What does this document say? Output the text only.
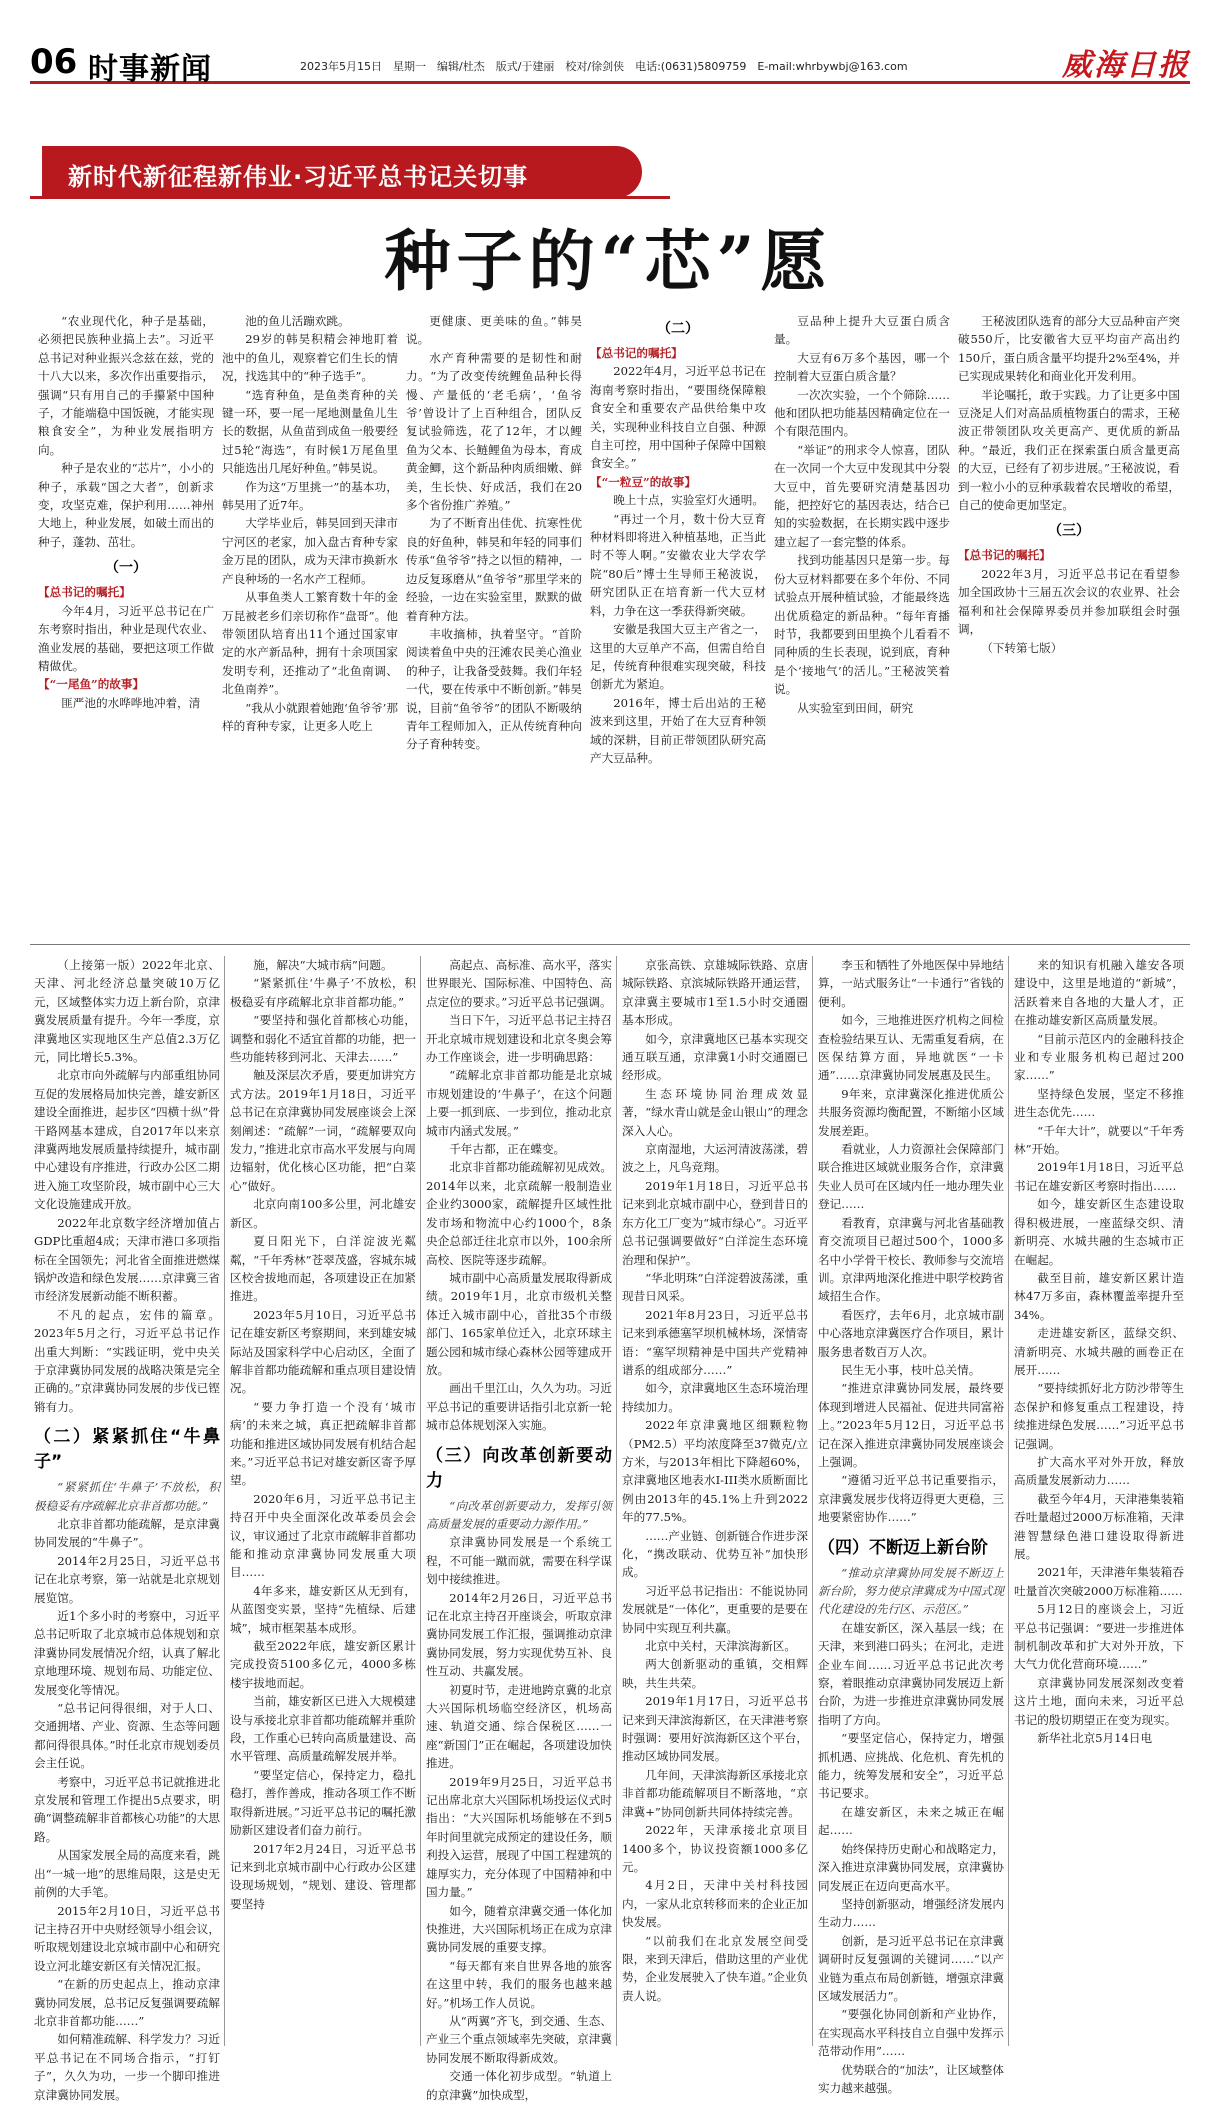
06 时事新闻	2023年5月15日　星期一　编辑/杜杰　版式/于建丽　校对/徐剑侠　电话:(0631)5809759　E-mail:whrbywbj@163.com	威海日报
新时代新征程新伟业·习近平总书记关切事
种子的“芯”愿

“农业现代化，种子是基础，必须把民族种业搞上去”。习近平总书记对种业振兴念兹在兹，党的十八大以来，多次作出重要指示，强调“只有用自己的手攥紧中国种子，才能端稳中国饭碗，才能实现粮食安全”，为种业发展指明方向。

种子是农业的“芯片”，小小的种子，承载“国之大者”，创新求变，攻坚克难，保护利用……神州大地上，种业发展，如破土而出的种子，蓬勃、茁壮。

（一）

【总书记的嘱托】

今年4月，习近平总书记在广东考察时指出，种业是现代农业、渔业发展的基础，要把这项工作做精做优。

【“一尾鱼”的故事】

匪严池的水哗哗地冲着，清

池的鱼儿活蹦欢跳。

29岁的韩昊积精会神地盯着池中的鱼儿，观察着它们生长的情况，找选其中的“种子选手”。

“选育种鱼，是鱼类育种的关键一环，要一尾一尾地测量鱼儿生长的数据，从鱼苗到成鱼一般要经过5轮“海选”，有时候1万尾鱼里只能选出几尾好种鱼。”韩昊说。

作为这“万里挑一”的基本功，韩昊用了近7年。

大学毕业后，韩昊回到天津市宁河区的老家，加入盘古育种专家金万昆的团队，成为天津市换新水产良种场的一名水产工程师。

从事鱼类人工繁育数十年的金万昆被老乡们亲切称作“盘哥”。他带领团队培育出11个通过国家审定的水产新品种，拥有十余项国家发明专利，还推动了“北鱼南调、北鱼南养”。

“我从小就跟着她跑‘鱼爷爷’那样的育种专家，让更多人吃上

更健康、更美味的鱼。”韩昊说。

水产育种需要的是韧性和耐力。“为了改变传统鲤鱼品种长得慢、产量低的‘老毛病’，‘鱼爷爷’曾设计了上百种组合，团队反复试验筛选，花了12年，才以鲤鱼为父本、长鲢鲤鱼为母本，育成黄金鲫，这个新品种肉质细嫩、鲜美，生长快、好成活，我们在20多个省份推广养殖。”

为了不断育出佳优、抗寒性优良的好鱼种，韩昊和年轻的同事们传承“鱼爷爷”持之以恒的精神，一边反复琢磨从“鱼爷爷”那里学来的经验，一边在实验室里，默默的做着育种方法。

丰收摘柿，执着坚守。“首阶阅读着鱼中央的汪滩农民美心渔业的种子，让我备受鼓舞。我们年轻一代，要在传承中不断创新。”韩昊说，目前“鱼爷爷”的团队不断吸纳青年工程师加入，正从传统育种向分子育种转变。

（二）

【总书记的嘱托】

2022年4月，习近平总书记在海南考察时指出，“要围绕保障粮食安全和重要农产品供给集中攻关，实现种业科技自立自强、种源自主可控，用中国种子保障中国粮食安全。”

【“一粒豆”的故事】

晚上十点，实验室灯火通明。

“再过一个月，数十份大豆育种材料即将进入种植基地，正当此时不等人啊。”安徽农业大学农学院“80后”博士生导师王秘波说，研究团队正在培育新一代大豆材料，力争在这一季获得新突破。

安徽是我国大豆主产省之一，这里的大豆单产不高，但需自给自足，传统育种很难实现突破，科技创新尤为紧迫。

2016年，博士后出站的王秘波来到这里，开始了在大豆育种领域的深耕，目前正带领团队研究高产大豆品种。

豆品种上提升大豆蛋白质含量。

大豆有6万多个基因，哪一个控制着大豆蛋白质含量？

一次次实验，一个个筛除……他和团队把功能基因精确定位在一个有限范围内。

“举证”的刑求令人惊喜，团队在一次同一个大豆中发现其中分裂大豆中，首先要研究清楚基因功能，把控好它的基因表达，结合已知的实验数据，在长期实践中逐步建立起了一套完整的体系。

找到功能基因只是第一步。每份大豆材料都要在多个年份、不同试验点开展种植试验，才能最终选出优质稳定的新品种。“每年育播时节，我都要到田里换个儿看看不同种质的生长表现，说到底，育种是个‘接地气’的活儿。”王秘波笑着说。

从实验室到田间，研究

王秘波团队选育的部分大豆品种亩产突破550斤，比安徽省大豆平均亩产高出约150斤，蛋白质含量平均提升2%至4%，并已实现成果转化和商业化开发利用。

半论嘱托，敢于实践。力了让更多中国豆浇足人们对高品质植物蛋白的需求，王秘波正带领团队攻关更高产、更优质的新品种。“最近，我们正在探索蛋白质含量更高的大豆，已经有了初步进展。”王秘波说，看到一粒小小的豆种承载着农民增收的希望，自己的使命更加坚定。

（三）

【总书记的嘱托】

2022年3月，习近平总书记在看望参加全国政协十三届五次会议的农业界、社会福利和社会保障界委员并参加联组会时强调，

（下转第七版）

（上接第一版）2022年北京、天津、河北经济总量突破10万亿元，区域整体实力迈上新台阶，京津冀发展质量有提升。今年一季度，京津冀地区实现地区生产总值2.3万亿元，同比增长5.3%。

北京市向外疏解与内部重组协同互促的发展格局加快完善，雄安新区建设全面推进，起步区“四横十纵”骨干路网基本建成，自2017年以来京津冀两地发展质量持续提升，城市副中心建设有序推进，行政办公区二期进入施工攻坚阶段，城市副中心三大文化设施建成开放。

2022年北京数字经济增加值占GDP比重超4成；天津市港口多项指标在全国领先；河北省全面推进燃煤锅炉改造和绿色发展……京津冀三省市经济发展新动能不断积蓄。

不凡的起点，宏伟的篇章。2023年5月之行，习近平总书记作出重大判断：“实践证明，党中央关于京津冀协同发展的战略决策是完全正确的。”京津冀协同发展的步伐已铿锵有力。

（二）紧紧抓住“牛鼻子”

“紧紧抓住‘牛鼻子’不放松，积极稳妥有序疏解北京非首都功能。”

北京非首都功能疏解，是京津冀协同发展的“牛鼻子”。

2014年2月25日，习近平总书记在北京考察，第一站就是北京规划展览馆。

近1个多小时的考察中，习近平总书记听取了北京城市总体规划和京津冀协同发展情况介绍，认真了解北京地理环境、规划布局、功能定位、发展变化等情况。

“总书记问得很细，对于人口、交通拥堵、产业、资源、生态等问题都问得很具体。”时任北京市规划委员会主任说。

考察中，习近平总书记就推进北京发展和管理工作提出5点要求，明确“调整疏解非首都核心功能”的大思路。

从国家发展全局的高度来看，跳出“一城一地”的思维局限，这是史无前例的大手笔。

2015年2月10日，习近平总书记主持召开中央财经领导小组会议，听取规划建设北京城市副中心和研究设立河北雄安新区有关情况汇报。

“在新的历史起点上，推动京津冀协同发展，总书记反复强调要疏解北京非首都功能……”

如何精准疏解、科学发力？习近平总书记在不同场合指示，“打钉子”，久久为功，一步一个脚印推进京津冀协同发展。

施，解决“大城市病”问题。

“紧紧抓住‘牛鼻子’不放松，积极稳妥有序疏解北京非首都功能。”

“要坚持和强化首都核心功能，调整和弱化不适宜首都的功能，把一些功能转移到河北、天津去……”

触及深层次矛盾，要更加讲究方式方法。2019年1月18日，习近平总书记在京津冀协同发展座谈会上深刻阐述：“疏解”一词，“疏解要双向发力，”推进北京市高水平发展与向周边辐射，优化核心区功能，把“白菜心”做好。

北京向南100多公里，河北雄安新区。

夏日阳光下，白洋淀波光粼粼，“千年秀林”苍翠茂盛，容城东城区校舍拔地而起，各项建设正在加紧推进。

2023年5月10日，习近平总书记在雄安新区考察期间，来到雄安城际站及国家科学中心启动区，全面了解非首都功能疏解和重点项目建设情况。

“要力争打造一个没有‘城市病’的未来之城，真正把疏解非首都功能和推进区域协同发展有机结合起来。”习近平总书记对雄安新区寄予厚望。

2020年6月，习近平总书记主持召开中央全面深化改革委员会会议，审议通过了北京市疏解非首都功能和推动京津冀协同发展重大项目……

4年多来，雄安新区从无到有，从蓝图变实景，坚持“先植绿、后建城”，城市框架基本成形。

截至2022年底，雄安新区累计完成投资5100多亿元，4000多栋楼宇拔地而起。

当前，雄安新区已进入大规模建设与承接北京非首都功能疏解并重阶段，工作重心已转向高质量建设、高水平管理、高质量疏解发展并举。

“要坚定信心，保持定力，稳扎稳打，善作善成，推动各项工作不断取得新进展。”习近平总书记的嘱托激励新区建设者们奋力前行。

2017年2月24日，习近平总书记来到北京城市副中心行政办公区建设现场规划，“规划、建设、管理都要坚持

高起点、高标准、高水平，落实世界眼光、国际标准、中国特色、高点定位的要求。”习近平总书记强调。

当日下午，习近平总书记主持召开北京城市规划建设和北京冬奥会筹办工作座谈会，进一步明确思路：

“疏解北京非首都功能是北京城市规划建设的‘牛鼻子’，在这个问题上要一抓到底、一步到位，推动北京城市内涵式发展。”

千年古都，正在蝶变。

北京非首都功能疏解初见成效。2014年以来，北京疏解一般制造业企业约3000家，疏解提升区域性批发市场和物流中心约1000个，8条央企总部迁往北京市以外，100余所高校、医院等逐步疏解。

城市副中心高质量发展取得新成绩。2019年1月，北京市级机关整体迁入城市副中心，首批35个市级部门、165家单位迁入，北京环球主题公园和城市绿心森林公园等建成开放。

画出千里江山，久久为功。习近平总书记的重要讲话指引北京新一轮城市总体规划深入实施。

（三）向改革创新要动力

“向改革创新要动力，发挥引领高质量发展的重要动力源作用。”

京津冀协同发展是一个系统工程，不可能一蹴而就，需要在科学谋划中接续推进。

2014年2月26日，习近平总书记在北京主持召开座谈会，听取京津冀协同发展工作汇报，强调推动京津冀协同发展，努力实现优势互补、良性互动、共赢发展。

初夏时节，走进地跨京冀的北京大兴国际机场临空经济区，机场高速、轨道交通、综合保税区……一座“新国门”正在崛起，各项建设加快推进。

2019年9月25日，习近平总书记出席北京大兴国际机场投运仪式时指出：“大兴国际机场能够在不到5年时间里就完成预定的建设任务，顺利投入运营，展现了中国工程建筑的雄厚实力，充分体现了中国精神和中国力量。”

如今，随着京津冀交通一体化加快推进，大兴国际机场正在成为京津冀协同发展的重要支撑。

“每天都有来自世界各地的旅客在这里中转，我们的服务也越来越好。”机场工作人员说。

从“两翼”齐飞，到交通、生态、产业三个重点领域率先突破，京津冀协同发展不断取得新成效。

交通一体化初步成型。“轨道上的京津冀”加快成型，

京张高铁、京雄城际铁路、京唐城际铁路、京滨城际铁路开通运营，京津冀主要城市1至1.5小时交通圈基本形成。

如今，京津冀地区已基本实现交通互联互通，京津冀1小时交通圈已经形成。

生态环境协同治理成效显著，“绿水青山就是金山银山”的理念深入人心。

京南湿地，大运河清波荡漾，碧波之上，凡鸟竞翔。

2019年1月18日，习近平总书记来到北京城市副中心，登到昔日的东方化工厂变为“城市绿心”。习近平总书记强调要做好“白洋淀生态环境治理和保护”。

“华北明珠”白洋淀碧波荡漾，重现昔日风采。

2021年8月23日，习近平总书记来到承德塞罕坝机械林场，深情寄语：“塞罕坝精神是中国共产党精神谱系的组成部分……”

如今，京津冀地区生态环境治理持续加力。

2022年京津冀地区细颗粒物（PM2.5）平均浓度降至37微克/立方米，与2013年相比下降超60%，京津冀地区地表水I-III类水质断面比例由2013年的45.1%上升到2022年的77.5%。

……产业链、创新链合作进步深化，“携改联动、优势互补”加快形成。

习近平总书记指出：不能说协同发展就是“一体化”，更重要的是要在协同中实现互利共赢。

北京中关村，天津滨海新区。

两大创新驱动的重镇，交相辉映，共生共荣。

2019年1月17日，习近平总书记来到天津滨海新区，在天津港考察时强调：要用好滨海新区这个平台，推动区域协同发展。

几年间，天津滨海新区承接北京非首都功能疏解项目不断落地，“京津冀+”协同创新共同体持续完善。

2022年，天津承接北京项目1400多个，协议投资额1000多亿元。

4月2日，天津中关村科技园内，一家从北京转移而来的企业正加快发展。

“以前我们在北京发展空间受限，来到天津后，借助这里的产业优势，企业发展驶入了快车道。”企业负责人说。

李玉和牺牲了外地医保中异地结算，一站式服务让“一卡通行”省钱的便利。

如今，三地推进医疗机构之间检查检验结果互认、无需重复看病，在医保结算方面，异地就医“一卡通”……京津冀协同发展惠及民生。

9年来，京津冀深化推进优质公共服务资源均衡配置，不断缩小区域发展差距。

看就业，人力资源社会保障部门联合推进区域就业服务合作，京津冀失业人员可在区域内任一地办理失业登记……

看教育，京津冀与河北省基础教育交流项目已超过500个，1000多名中小学骨干校长、教师参与交流培训。京津两地深化推进中职学校跨省域招生合作。

看医疗，去年6月，北京城市副中心落地京津冀医疗合作项目，累计服务患者数百万人次。

民生无小事，枝叶总关情。

“推进京津冀协同发展，最终要体现到增进人民福祉、促进共同富裕上。”2023年5月12日，习近平总书记在深入推进京津冀协同发展座谈会上强调。

“遵循习近平总书记重要指示，京津冀发展步伐将迈得更大更稳，三地要紧密协作……”

（四）不断迈上新台阶

“推动京津冀协同发展不断迈上新台阶，努力使京津冀成为中国式现代化建设的先行区、示范区。”

在雄安新区，深入基层一线；在天津，来到港口码头；在河北，走进企业车间……习近平总书记此次考察，着眼推动京津冀协同发展迈上新台阶，为进一步推进京津冀协同发展指明了方向。

“要坚定信心，保持定力，增强抓机遇、应挑战、化危机、育先机的能力，统筹发展和安全”，习近平总书记要求。

在雄安新区，未来之城正在崛起……

始终保持历史耐心和战略定力，深入推进京津冀协同发展，京津冀协同发展正在迈向更高水平。

坚持创新驱动，增强经济发展内生动力……

创新，是习近平总书记在京津冀调研时反复强调的关键词……“以产业链为重点布局创新链，增强京津冀区域发展活力”。

“要强化协同创新和产业协作，在实现高水平科技自立自强中发挥示范带动作用”……

优势联合的“加法”，让区域整体实力越来越强。

来的知识有机融入雄安各项建设中，这里是地道的“新城”，活跃着来自各地的大量人才，正在推动雄安新区高质量发展。

“目前示范区内的金融科技企业和专业服务机构已超过200家……”

坚持绿色发展，坚定不移推进生态优先……

“千年大计”，就要以“千年秀林”开始。

2019年1月18日，习近平总书记在雄安新区考察时指出……

如今，雄安新区生态建设取得积极进展，一座蓝绿交织、清新明亮、水城共融的生态城市正在崛起。

截至目前，雄安新区累计造林47万多亩，森林覆盖率提升至34%。

走进雄安新区，蓝绿交织、清新明亮、水城共融的画卷正在展开……

“要持续抓好北方防沙带等生态保护和修复重点工程建设，持续推进绿色发展……”习近平总书记强调。

扩大高水平对外开放，释放高质量发展新动力……

截至今年4月，天津港集装箱吞吐量超过2000万标准箱，天津港智慧绿色港口建设取得新进展。

2021年，天津港年集装箱吞吐量首次突破2000万标准箱……

5月12日的座谈会上，习近平总书记强调：“要进一步推进体制机制改革和扩大对外开放，下大气力优化营商环境……”

京津冀协同发展深刻改变着这片土地，面向未来，习近平总书记的殷切期望正在变为现实。

新华社北京5月14日电
